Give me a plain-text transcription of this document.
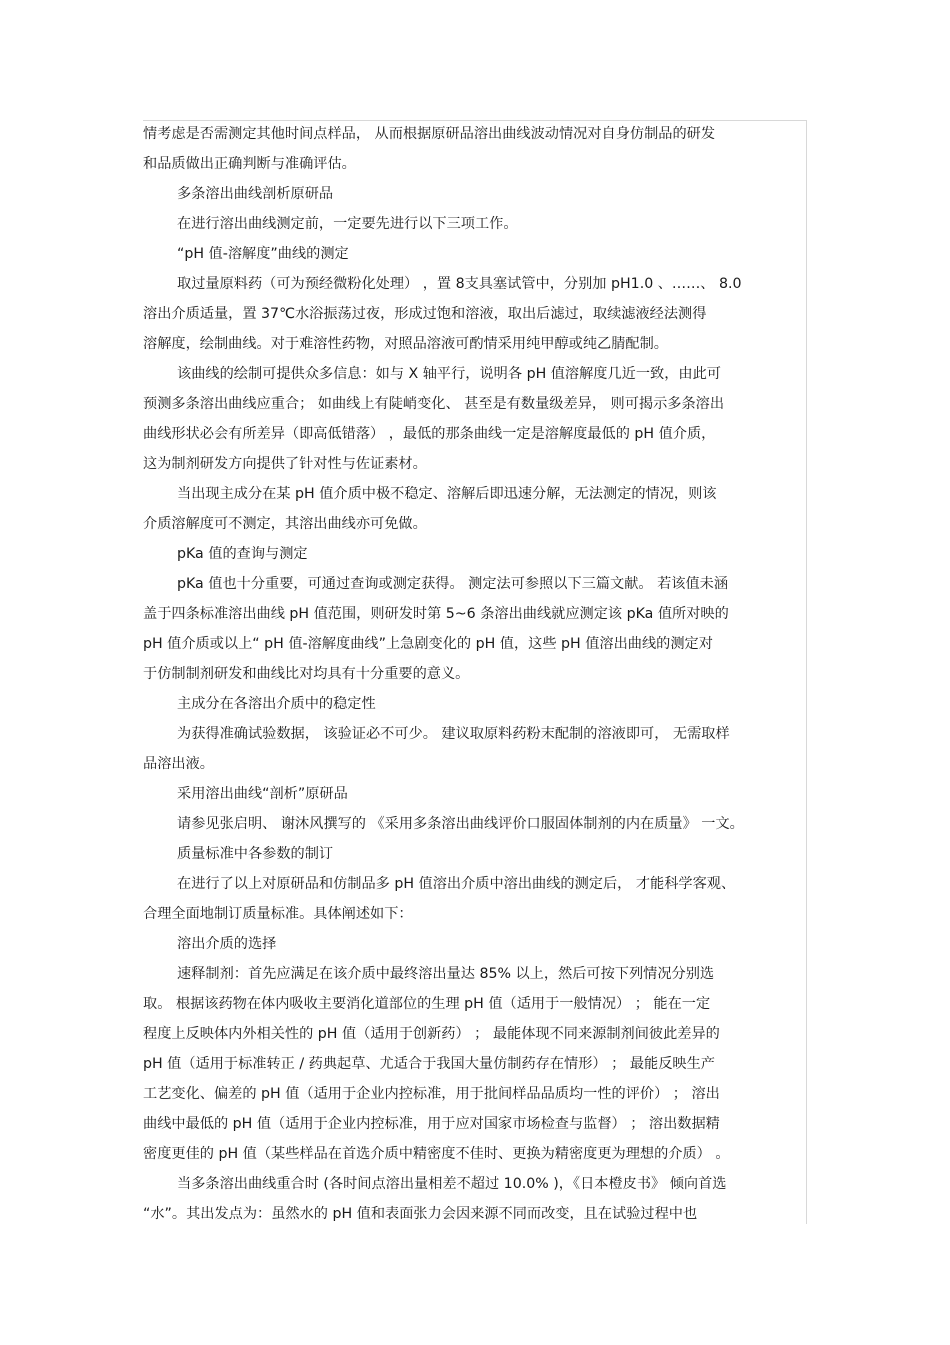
情考虑是否需测定其他时间点样品， 从而根据原研品溶出曲线波动情况对自身仿制品的研发
和品质做出正确判断与准确评估。
多条溶出曲线剖析原研品
在进行溶出曲线测定前，一定要先进行以下三项工作。
“pH 值-溶解度”曲线的测定
取过量原料药（可为预经微粉化处理） ，置 8支具塞试管中，分别加 pH1.0 、……、 8.0
溶出介质适量，置 37℃水浴振荡过夜，形成过饱和溶液，取出后滤过，取续滤液经法测得
溶解度，绘制曲线。对于难溶性药物，对照品溶液可酌情采用纯甲醇或纯乙腈配制。
该曲线的绘制可提供众多信息：如与 X 轴平行，说明各 pH 值溶解度几近一致，由此可
预测多条溶出曲线应重合； 如曲线上有陡峭变化、 甚至是有数量级差异， 则可揭示多条溶出
曲线形状必会有所差异（即高低错落） ，最低的那条曲线一定是溶解度最低的 pH 值介质，
这为制剂研发方向提供了针对性与佐证素材。
当出现主成分在某 pH 值介质中极不稳定、溶解后即迅速分解，无法测定的情况，则该
介质溶解度可不测定，其溶出曲线亦可免做。
pKa 值的查询与测定
pKa 值也十分重要，可通过查询或测定获得。 测定法可参照以下三篇文献。 若该值未涵
盖于四条标准溶出曲线 pH 值范围，则研发时第 5~6 条溶出曲线就应测定该 pKa 值所对映的
pH 值介质或以上“ pH 值-溶解度曲线”上急剧变化的 pH 值，这些 pH 值溶出曲线的测定对
于仿制制剂研发和曲线比对均具有十分重要的意义。
主成分在各溶出介质中的稳定性
为获得准确试验数据， 该验证必不可少。 建议取原料药粉末配制的溶液即可， 无需取样
品溶出液。
采用溶出曲线“剖析”原研品
请参见张启明、 谢沐风撰写的 《采用多条溶出曲线评价口服固体制剂的内在质量》 一文。
质量标准中各参数的制订
在进行了以上对原研品和仿制品多 pH 值溶出介质中溶出曲线的测定后， 才能科学客观、
合理全面地制订质量标准。具体阐述如下：
溶出介质的选择
速释制剂：首先应满足在该介质中最终溶出量达 85% 以上，然后可按下列情况分别选
取。 根据该药物在体内吸收主要消化道部位的生理 pH 值（适用于一般情况） ； 能在一定
程度上反映体内外相关性的 pH 值（适用于创新药） ； 最能体现不同来源制剂间彼此差异的
pH 值（适用于标准转正 / 药典起草、尤适合于我国大量仿制药存在情形） ； 最能反映生产
工艺变化、偏差的 pH 值（适用于企业内控标准，用于批间样品品质均一性的评价） ； 溶出
曲线中最低的 pH 值（适用于企业内控标准，用于应对国家市场检查与监督） ； 溶出数据精
密度更佳的 pH 值（某些样品在首选介质中精密度不佳时、更换为精密度更为理想的介质） 。
当多条溶出曲线重合时 (各时间点溶出量相差不超过 10.0% )，《日本橙皮书》 倾向首选
“水”。其出发点为：虽然水的 pH 值和表面张力会因来源不同而改变，且在试验过程中也
